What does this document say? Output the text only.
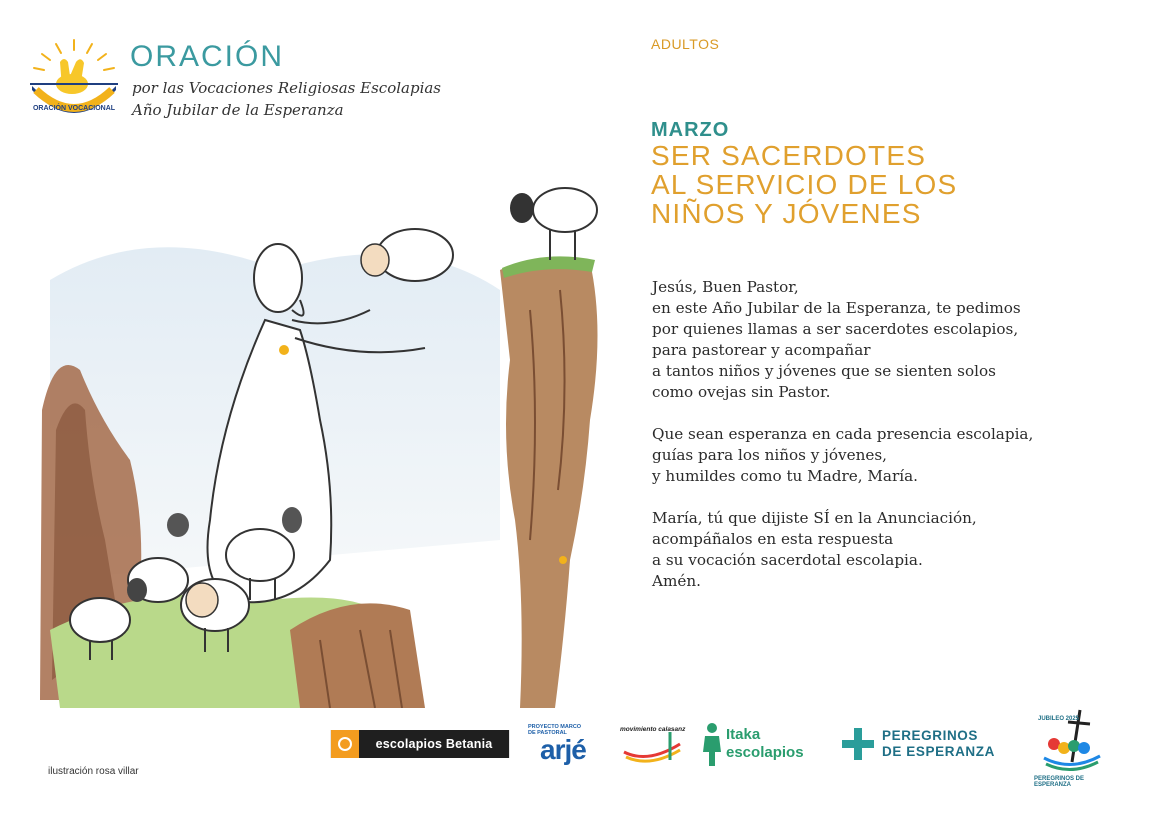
ORACIÓN VOCACIONAL
ORACIÓN
por las Vocaciones Religiosas Escolapias
Año Jubilar de la Esperanza
ADULTOS
MARZO
SER SACERDOTES
AL SERVICIO DE LOS
NIÑOS Y JÓVENES
Jesús, Buen Pastor,
en este Año Jubilar de la Esperanza, te pedimos
por quienes llamas a ser sacerdotes escolapios,
para pastorear y acompañar
a tantos niños y jóvenes que se sienten solos
como ovejas sin Pastor.
Que sean esperanza en cada presencia escolapia,
guías para los niños y jóvenes,
y humildes como tu Madre, María.
María, tú que dijiste SÍ en la Anunciación,
acompáñalos en esta respuesta
a su vocación sacerdotal escolapia.
Amén.
ilustración rosa villar
escolapios Betania
PROYECTO MARCO DE PASTORAL
arjé
movimiento calasanz	Itaka
escolapios
PEREGRINOS
DE ESPERANZA
JUBILEO 2025
PEREGRINOS DE ESPERANZA
